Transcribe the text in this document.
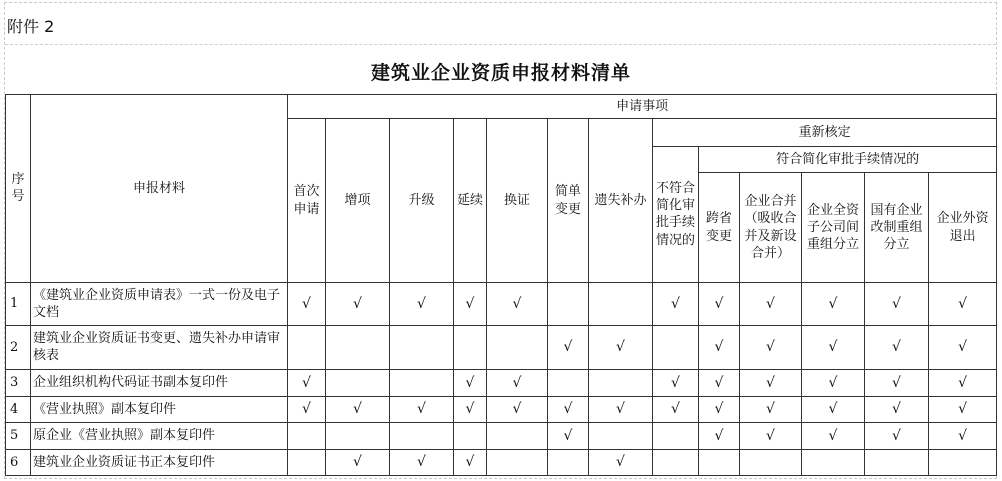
附件 2
建筑业企业资质申报材料清单
序号	申报材料	申请事项												
		首次申请	增项	升级	延续	换证	简单变更	遗失补办	重新核定					
									不符合简化审批手续情况的	符合简化审批手续情况的				
										跨省变更	企业合并（吸收合并及新设合并）	企业全资子公司间重组分立	国有企业改制重组分立	企业外资退出

1	《建筑业企业资质申请表》一式一份及电子文档	√	√	√	√	√			√	√	√	√	√	√
2	建筑业企业资质证书变更、遗失补办申请审核表						√	√		√	√	√	√	√
3	企业组织机构代码证书副本复印件	√			√	√			√	√	√	√	√	√
4	《营业执照》副本复印件	√	√	√	√	√	√	√	√	√	√	√	√	√
5	原企业《营业执照》副本复印件						√			√	√	√	√	√
6	建筑业企业资质证书正本复印件		√	√	√			√						
